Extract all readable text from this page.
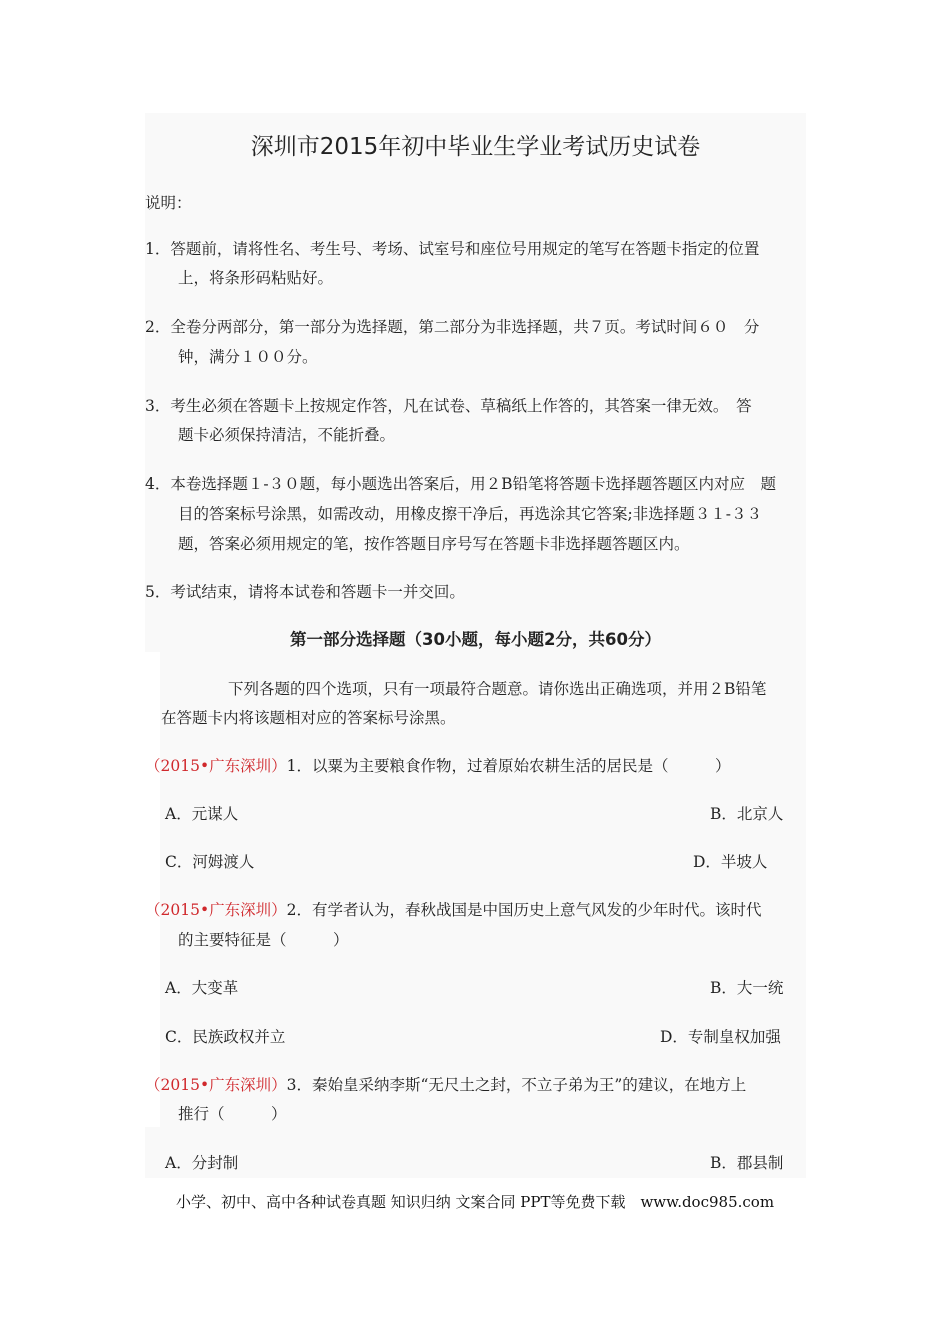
深圳市2015年初中毕业生学业考试历史试卷
说明：
1．答题前，请将性名、考生号、考场、试室号和座位号用规定的笔写在答题卡指定的位置
上，将条形码粘贴好。
2．全卷分两部分，第一部分为选择题，第二部分为非选择题，共７页。考试时间６０　分
钟，满分１００分。
3．考生必须在答题卡上按规定作答，凡在试卷、草稿纸上作答的，其答案一律无效。　答
题卡必须保持清洁，不能折叠。
4．本卷选择题１-３０题，每小题选出答案后，用２B铅笔将答题卡选择题答题区内对应　题
目的答案标号涂黑，如需改动，用橡皮擦干净后，再选涂其它答案;非选择题３１-３３
题，答案必须用规定的笔，按作答题目序号写在答题卡非选择题答题区内。
5．考试结束，请将本试卷和答题卡一并交回。
第一部分选择题（30小题，每小题2分，共60分）
下列各题的四个选项，只有一项最符合题意。请你选出正确选项，并用２B铅笔
在答题卡内将该题相对应的答案标号涂黑。
（2015•广东深圳）1．以粟为主要粮食作物，过着原始农耕生活的居民是（　　　）
A．元谋人	B．北京人
C．河姆渡人	D．半坡人
（2015•广东深圳）2．有学者认为，春秋战国是中国历史上意气风发的少年时代。该时代
的主要特征是（　　　）
A．大变革	B．大一统
C．民族政权并立	D．专制皇权加强
（2015•广东深圳）3．秦始皇采纳李斯“无尺土之封，不立子弟为王”的建议，在地方上
推行（　　　）
A．分封制	B．郡县制
小学、初中、高中各种试卷真题 知识归纳 文案合同 PPT等免费下载　www.doc985.com
